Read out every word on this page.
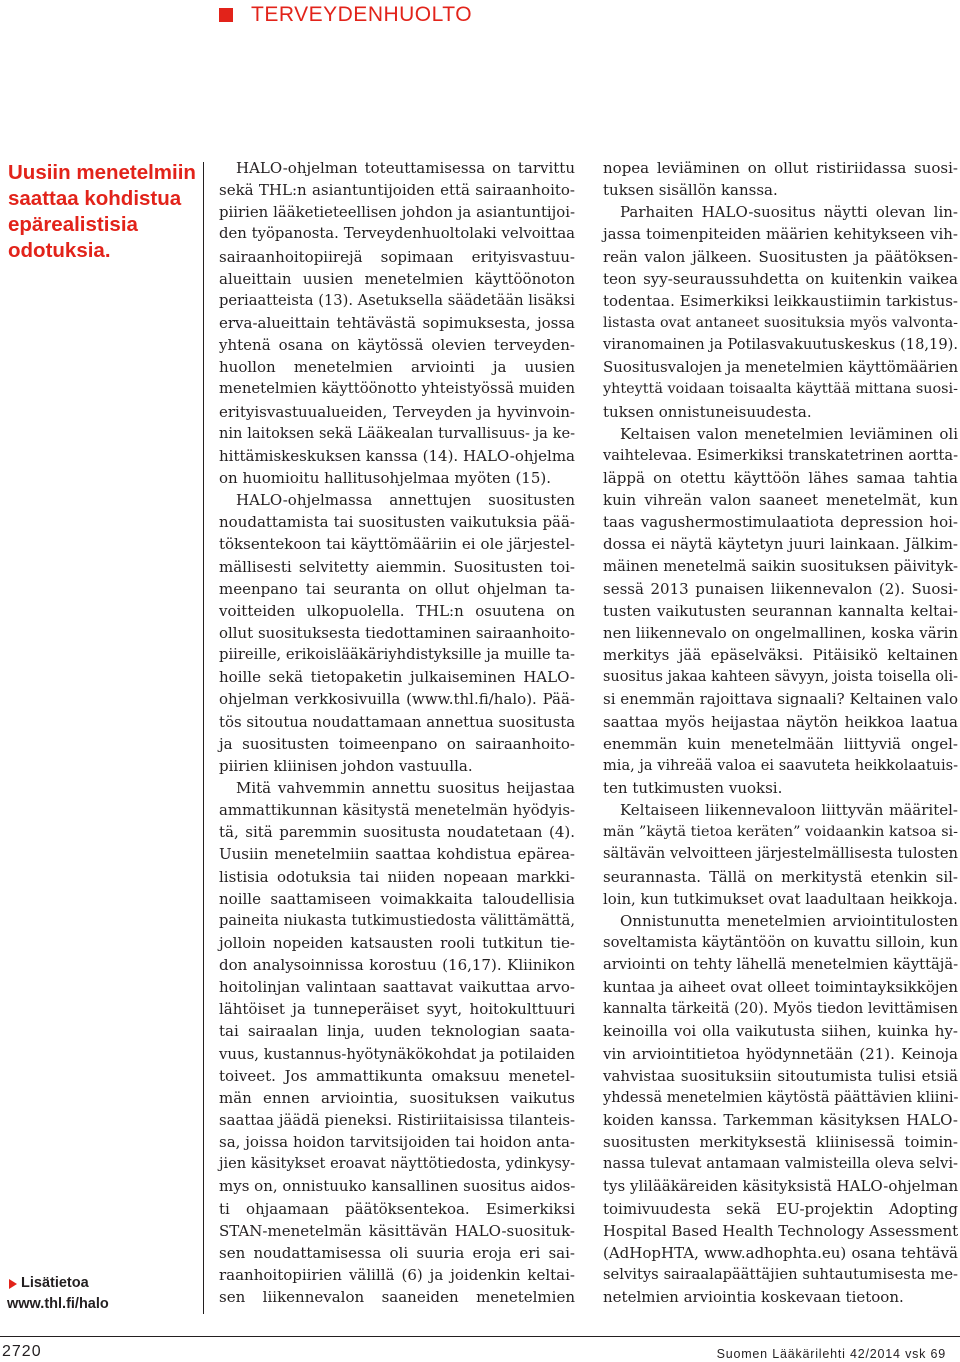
TERVEYDENHUOLTO
Uusiin menetelmiin
saattaa kohdistua
epärealistisia
odotuksia.
HALO-ohjelman toteuttamisessa on tarvittu
sekä THL:n asiantuntijoiden että sairaanhoito-
piirien lääketieteellisen johdon ja asiantuntijoi-
den työpanosta. Terveydenhuoltolaki velvoittaa
sairaanhoitopiirejä sopimaan erityisvastuu-
alueittain uusien menetelmien käyttöönoton
periaatteista (13). Asetuksella säädetään lisäksi
erva-alueittain tehtävästä sopimuksesta, jossa
yhtenä osana on käytössä olevien terveyden-
huollon menetelmien arviointi ja uusien
menetelmien käyttöönotto yhteistyössä muiden
erityisvastuualueiden, Terveyden ja hyvinvoin-
nin laitoksen sekä Lääkealan turvallisuus- ja ke-
hittämiskeskuksen kanssa (14). HALO-ohjelma
on huomioitu hallitusohjelmaa myöten (15).
HALO-ohjelmassa annettujen suositusten
noudattamista tai suositusten vaikutuksia pää-
töksentekoon tai käyttömääriin ei ole järjestel-
mällisesti selvitetty aiemmin. Suositusten toi-
meenpano tai seuranta on ollut ohjelman ta-
voitteiden ulkopuolella. THL:n osuutena on
ollut suosituksesta tiedottaminen sairaanhoito-
piireille, erikoislääkäriyhdistyksille ja muille ta-
hoille sekä tietopaketin julkaiseminen HALO-
ohjelman verkkosivuilla (www.thl.fi/halo). Pää-
tös sitoutua noudattamaan annettua suositusta
ja suositusten toimeenpano on sairaanhoito-
piirien kliinisen johdon vastuulla.
Mitä vahvemmin annettu suositus heijastaa
ammattikunnan käsitystä menetelmän hyödyis-
tä, sitä paremmin suositusta noudatetaan (4).
Uusiin menetelmiin saattaa kohdistua epärea-
listisia odotuksia tai niiden nopeaan markki-
noille saattamiseen voimakkaita taloudellisia
paineita niukasta tutkimustiedosta välittämättä,
jolloin nopeiden katsausten rooli tutkitun tie-
don analysoinnissa korostuu (16,17). Kliinikon
hoitolinjan valintaan saattavat vaikuttaa arvo-
lähtöiset ja tunneperäiset syyt, hoitokulttuuri
tai sairaalan linja, uuden teknologian saata-
vuus, kustannus-hyötynäkökohdat ja potilaiden
toiveet. Jos ammattikunta omaksuu menetel-
män ennen arviointia, suosituksen vaikutus
saattaa jäädä pieneksi. Ristiriitaisissa tilanteis-
sa, joissa hoidon tarvitsijoiden tai hoidon anta-
jien käsitykset eroavat näyttötiedosta, ydinkysy-
mys on, onnistuuko kansallinen suositus aidos-
ti ohjaamaan päätöksentekoa. Esimerkiksi
STAN-menetelmän käsittävän HALO-suosituk-
sen noudattamisessa oli suuria eroja eri sai-
raanhoitopiirien välillä (6) ja joidenkin keltai-
sen liikennevalon saaneiden menetelmien
nopea leviäminen on ollut ristiriidassa suosi-
tuksen sisällön kanssa.
Parhaiten HALO-suositus näytti olevan lin-
jassa toimenpiteiden määrien kehitykseen vih-
reän valon jälkeen. Suositusten ja päätöksen-
teon syy-seuraussuhdetta on kuitenkin vaikea
todentaa. Esimerkiksi leikkaustiimin tarkistus-
listasta ovat antaneet suosituksia myös valvonta-
viranomainen ja Potilasvakuutuskeskus (18,19).
Suositusvalojen ja menetelmien käyttömäärien
yhteyttä voidaan toisaalta käyttää mittana suosi-
tuksen onnistuneisuudesta.
Keltaisen valon menetelmien leviäminen oli
vaihtelevaa. Esimerkiksi transkatetrinen aortta-
läppä on otettu käyttöön lähes samaa tahtia
kuin vihreän valon saaneet menetelmät, kun
taas vagushermostimulaatiota depression hoi-
dossa ei näytä käytetyn juuri lainkaan. Jälkim-
mäinen menetelmä saikin suosituksen päivityk-
sessä 2013 punaisen liikennevalon (2). Suosi-
tusten vaikutusten seurannan kannalta keltai-
nen liikennevalo on ongelmallinen, koska värin
merkitys jää epäselväksi. Pitäisikö keltainen
suositus jakaa kahteen sävyyn, joista toisella oli-
si enemmän rajoittava signaali? Keltainen valo
saattaa myös heijastaa näytön heikkoa laatua
enemmän kuin menetelmään liittyviä ongel-
mia, ja vihreää valoa ei saavuteta heikkolaatuis-
ten tutkimusten vuoksi.
Keltaiseen liikennevaloon liittyvän määritel-
män ”käytä tietoa keräten” voidaankin katsoa si-
sältävän velvoitteen järjestelmällisesta tulosten
seurannasta. Tällä on merkitystä etenkin sil-
loin, kun tutkimukset ovat laadultaan heikkoja.
Onnistunutta menetelmien arviointitulosten
soveltamista käytäntöön on kuvattu silloin, kun
arviointi on tehty lähellä menetelmien käyttäjä-
kuntaa ja aiheet ovat olleet toimintayksikköjen
kannalta tärkeitä (20). Myös tiedon levittämisen
keinoilla voi olla vaikutusta siihen, kuinka hy-
vin arviointitietoa hyödynnetään (21). Keinoja
vahvistaa suosituksiin sitoutumista tulisi etsiä
yhdessä menetelmien käytöstä päättävien kliini-
koiden kanssa. Tarkemman käsityksen HALO-
suositusten merkityksestä kliinisessä toimin-
nassa tulevat antamaan valmisteilla oleva selvi-
tys ylilääkäreiden käsityksistä HALO-ohjelman
toimivuudesta sekä EU-projektin Adopting
Hospital Based Health Technology Assessment
(AdHopHTA, www.adhophta.eu) osana tehtävä
selvitys sairaalapäättäjien suhtautumisesta me-
netelmien arviointia koskevaan tietoon.
Lisätietoa
www.thl.fi/halo
2720	Suomen Lääkärilehti 42/2014 vsk 69
